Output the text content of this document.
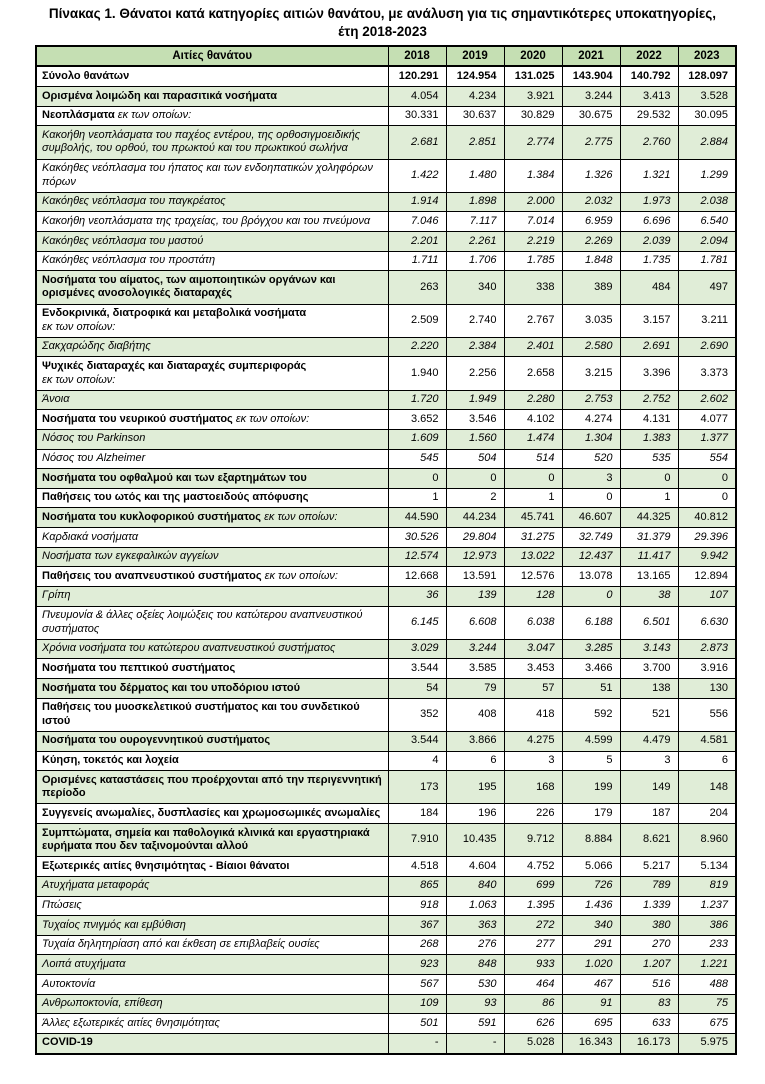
Πίνακας 1. Θάνατοι κατά κατηγορίες αιτιών θανάτου, με ανάλυση για τις σημαντικότερες υποκατηγορίες,
έτη 2018-2023
Αιτίες θανάτου	2018	2019	2020	2021	2022	2023
Σύνολο θανάτων	120.291	124.954	131.025	143.904	140.792	128.097
Ορισμένα λοιμώδη και παρασιτικά νοσήματα	4.054	4.234	3.921	3.244	3.413	3.528
Νεοπλάσματα εκ των οποίων:	30.331	30.637	30.829	30.675	29.532	30.095
Κακοήθη νεοπλάσματα του παχέος εντέρου, της ορθοσιγμοειδικής συμβολής, του ορθού, του πρωκτού και του πρωκτικού σωλήνα	2.681	2.851	2.774	2.775	2.760	2.884
Κακόηθες νεόπλασμα του ήπατος και των ενδοηπατικών χοληφόρων πόρων	1.422	1.480	1.384	1.326	1.321	1.299
Κακόηθες νεόπλασμα του παγκρέατος	1.914	1.898	2.000	2.032	1.973	2.038
Κακοήθη νεοπλάσματα της τραχείας, του βρόγχου και του πνεύμονα	7.046	7.117	7.014	6.959	6.696	6.540
Κακόηθες νεόπλασμα του μαστού	2.201	2.261	2.219	2.269	2.039	2.094
Κακόηθες νεόπλασμα του προστάτη	1.711	1.706	1.785	1.848	1.735	1.781
Νοσήματα του αίματος, των αιμοποιητικών οργάνων και ορισμένες ανοσολογικές διαταραχές	263	340	338	389	484	497
Ενδοκρινικά, διατροφικά και μεταβολικά νοσήματα
εκ των οποίων:	2.509	2.740	2.767	3.035	3.157	3.211
Σακχαρώδης διαβήτης	2.220	2.384	2.401	2.580	2.691	2.690
Ψυχικές διαταραχές και διαταραχές συμπεριφοράς
εκ των οποίων:	1.940	2.256	2.658	3.215	3.396	3.373
Άνοια	1.720	1.949	2.280	2.753	2.752	2.602
Νοσήματα του νευρικού συστήματος εκ των οποίων:	3.652	3.546	4.102	4.274	4.131	4.077
Νόσος του Parkinson	1.609	1.560	1.474	1.304	1.383	1.377
Νόσος του Alzheimer	545	504	514	520	535	554
Νοσήματα του οφθαλμού και των εξαρτημάτων του	0	0	0	3	0	0
Παθήσεις του ωτός και της μαστοειδούς απόφυσης	1	2	1	0	1	0
Νοσήματα του κυκλοφορικού συστήματος εκ των οποίων:	44.590	44.234	45.741	46.607	44.325	40.812
Καρδιακά νοσήματα	30.526	29.804	31.275	32.749	31.379	29.396
Νοσήματα των εγκεφαλικών αγγείων	12.574	12.973	13.022	12.437	11.417	9.942
Παθήσεις του αναπνευστικού συστήματος εκ των οποίων:	12.668	13.591	12.576	13.078	13.165	12.894
Γρίπη	36	139	128	0	38	107
Πνευμονία & άλλες οξείες λοιμώξεις του κατώτερου αναπνευστικού συστήματος	6.145	6.608	6.038	6.188	6.501	6.630
Χρόνια νοσήματα του κατώτερου αναπνευστικού συστήματος	3.029	3.244	3.047	3.285	3.143	2.873
Νοσήματα του πεπτικού συστήματος	3.544	3.585	3.453	3.466	3.700	3.916
Νοσήματα του δέρματος και του υποδόριου ιστού	54	79	57	51	138	130
Παθήσεις του μυοσκελετικού συστήματος και του συνδετικού ιστού	352	408	418	592	521	556
Νοσήματα του ουρογεννητικού συστήματος	3.544	3.866	4.275	4.599	4.479	4.581
Κύηση, τοκετός και λοχεία	4	6	3	5	3	6
Ορισμένες καταστάσεις που προέρχονται από την περιγεννητική περίοδο	173	195	168	199	149	148
Συγγενείς ανωμαλίες, δυσπλασίες και χρωμοσωμικές ανωμαλίες	184	196	226	179	187	204
Συμπτώματα, σημεία και παθολογικά κλινικά και εργαστηριακά ευρήματα που δεν ταξινομούνται αλλού	7.910	10.435	9.712	8.884	8.621	8.960
Εξωτερικές αιτίες θνησιμότητας - Βίαιοι θάνατοι	4.518	4.604	4.752	5.066	5.217	5.134
Ατυχήματα μεταφοράς	865	840	699	726	789	819
Πτώσεις	918	1.063	1.395	1.436	1.339	1.237
Τυχαίος πνιγμός και εμβύθιση	367	363	272	340	380	386
Τυχαία δηλητηρίαση από και έκθεση σε επιβλαβείς ουσίες	268	276	277	291	270	233
Λοιπά ατυχήματα	923	848	933	1.020	1.207	1.221
Αυτοκτονία	567	530	464	467	516	488
Ανθρωποκτονία, επίθεση	109	93	86	91	83	75
Άλλες εξωτερικές αιτίες θνησιμότητας	501	591	626	695	633	675
COVID-19	-	-	5.028	16.343	16.173	5.975
